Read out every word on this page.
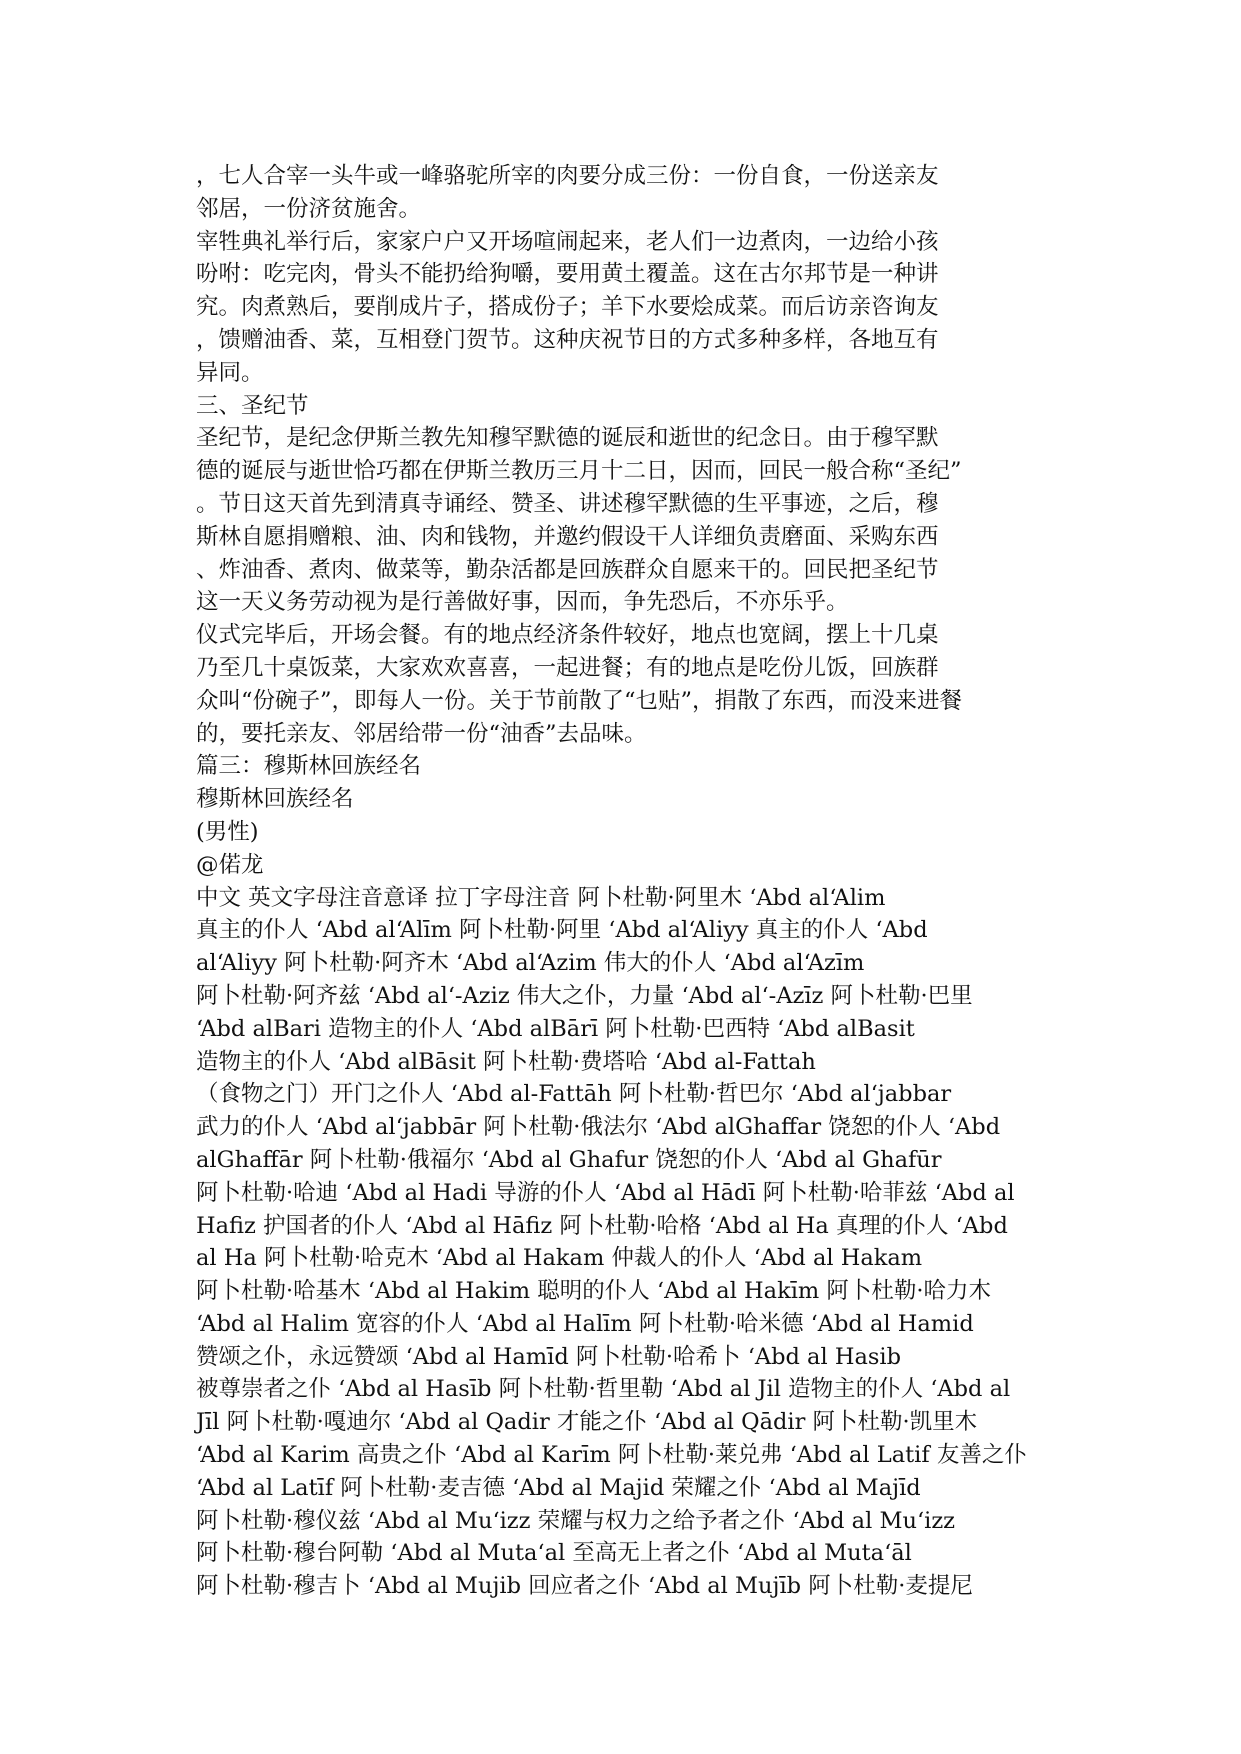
，七人合宰一头牛或一峰骆驼所宰的肉要分成三份：一份自食，一份送亲友
邻居，一份济贫施舍。
宰牲典礼举行后，家家户户又开场喧闹起来，老人们一边煮肉，一边给小孩
吩咐：吃完肉，骨头不能扔给狗嚼，要用黄土覆盖。这在古尔邦节是一种讲
究。肉煮熟后，要削成片子，搭成份子；羊下水要烩成菜。而后访亲咨询友
，馈赠油香、菜，互相登门贺节。这种庆祝节日的方式多种多样，各地互有
异同。
三、圣纪节
圣纪节，是纪念伊斯兰教先知穆罕默德的诞辰和逝世的纪念日。由于穆罕默
德的诞辰与逝世恰巧都在伊斯兰教历三月十二日，因而，回民一般合称“圣纪”
。节日这天首先到清真寺诵经、赞圣、讲述穆罕默德的生平事迹，之后，穆
斯林自愿捐赠粮、油、肉和钱物，并邀约假设干人详细负责磨面、采购东西
、炸油香、煮肉、做菜等，勤杂活都是回族群众自愿来干的。回民把圣纪节
这一天义务劳动视为是行善做好事，因而，争先恐后，不亦乐乎。
仪式完毕后，开场会餐。有的地点经济条件较好，地点也宽阔，摆上十几桌
乃至几十桌饭菜，大家欢欢喜喜，一起进餐；有的地点是吃份儿饭，回族群
众叫“份碗子”，即每人一份。关于节前散了“乜贴”，捐散了东西，而没来进餐
的，要托亲友、邻居给带一份“油香”去品味。
篇三：穆斯林回族经名
穆斯林回族经名
(男性)
@偌龙
中文 英文字母注音意译 拉丁字母注音 阿卜杜勒·阿里木 ‘Abd al‘Alim
真主的仆人 ‘Abd al‘Alīm 阿卜杜勒·阿里 ‘Abd al‘Aliyy 真主的仆人 ‘Abd
al‘Aliyy 阿卜杜勒·阿齐木 ‘Abd al‘Azim 伟大的仆人 ‘Abd al‘Azīm
阿卜杜勒·阿齐兹 ‘Abd al‘-Aziz 伟大之仆，力量 ‘Abd al‘-Azīz 阿卜杜勒·巴里
‘Abd alBari 造物主的仆人 ‘Abd alBārī 阿卜杜勒·巴西特 ‘Abd alBasit
造物主的仆人 ‘Abd alBāsit 阿卜杜勒·费塔哈 ‘Abd al-Fattah
（食物之门）开门之仆人 ‘Abd al-Fattāh 阿卜杜勒·哲巴尔 ‘Abd al‘jabbar
武力的仆人 ‘Abd al‘jabbār 阿卜杜勒·俄法尔 ‘Abd alGhaffar 饶恕的仆人 ‘Abd
alGhaffār 阿卜杜勒·俄福尔 ‘Abd al Ghafur 饶恕的仆人 ‘Abd al Ghafūr
阿卜杜勒·哈迪 ‘Abd al Hadi 导游的仆人 ‘Abd al Hādī 阿卜杜勒·哈菲兹 ‘Abd al
Hafiz 护国者的仆人 ‘Abd al Hāfiz 阿卜杜勒·哈格 ‘Abd al Ha 真理的仆人 ‘Abd
al Ha 阿卜杜勒·哈克木 ‘Abd al Hakam 仲裁人的仆人 ‘Abd al Hakam
阿卜杜勒·哈基木 ‘Abd al Hakim 聪明的仆人 ‘Abd al Hakīm 阿卜杜勒·哈力木
‘Abd al Halim 宽容的仆人 ‘Abd al Halīm 阿卜杜勒·哈米德 ‘Abd al Hamid
赞颂之仆，永远赞颂 ‘Abd al Hamīd 阿卜杜勒·哈希卜 ‘Abd al Hasib
被尊崇者之仆 ‘Abd al Hasīb 阿卜杜勒·哲里勒 ‘Abd al Jil 造物主的仆人 ‘Abd al
Jīl 阿卜杜勒·嘎迪尔 ‘Abd al Qadir 才能之仆 ‘Abd al Qādir 阿卜杜勒·凯里木
‘Abd al Karim 高贵之仆 ‘Abd al Karīm 阿卜杜勒·莱兑弗 ‘Abd al Latif 友善之仆
‘Abd al Latīf 阿卜杜勒·麦吉德 ‘Abd al Majid 荣耀之仆 ‘Abd al Majīd
阿卜杜勒·穆仪兹 ‘Abd al Mu‘izz 荣耀与权力之给予者之仆 ‘Abd al Mu‘izz
阿卜杜勒·穆台阿勒 ‘Abd al Muta‘al 至高无上者之仆 ‘Abd al Muta‘āl
阿卜杜勒·穆吉卜 ‘Abd al Mujib 回应者之仆 ‘Abd al Mujīb 阿卜杜勒·麦提尼
